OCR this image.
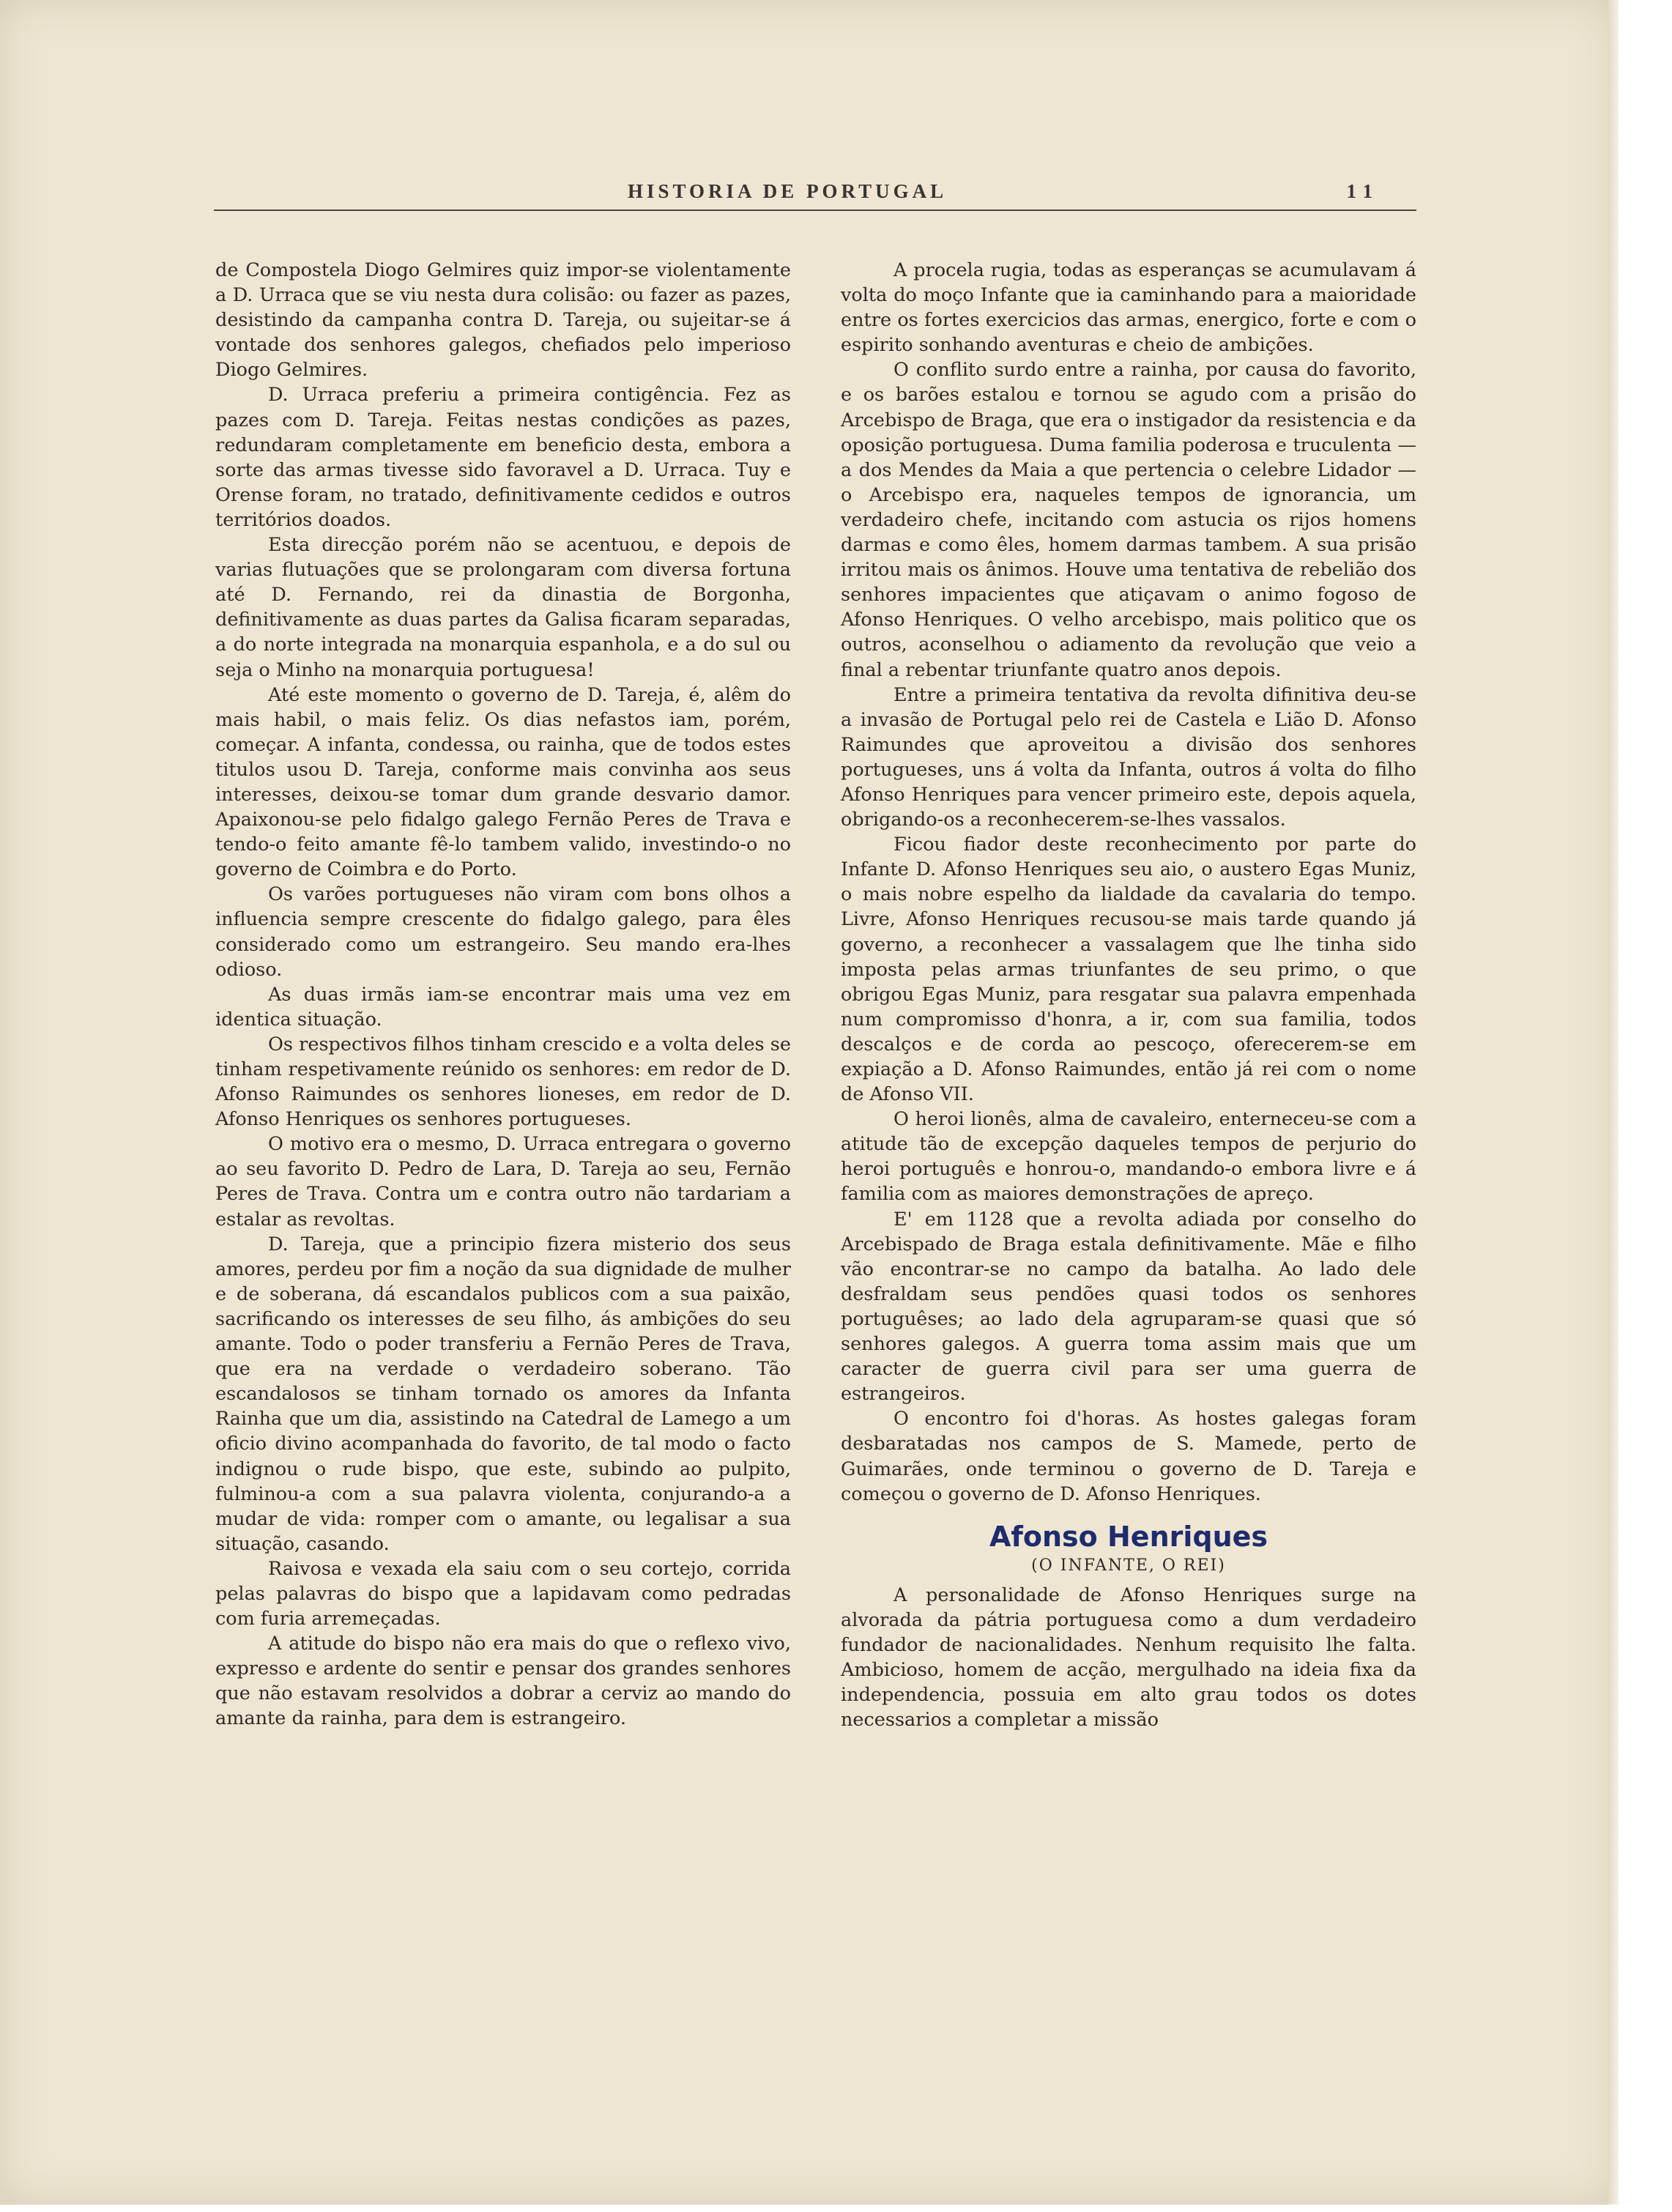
HISTORIA DE PORTUGAL	11

de Compostela Diogo Gelmires quiz impor-se violentamente a D. Urraca que se viu nesta dura colisão: ou fazer as pazes, desistindo da campanha contra D. Tareja, ou sujeitar-se á vontade dos senhores galegos, chefiados pelo imperioso Diogo Gelmires.

D. Urraca preferiu a primeira contigência. Fez as pazes com D. Tareja. Feitas nestas condições as pazes, redundaram completamente em beneficio desta, embora a sorte das armas tivesse sido favoravel a D. Urraca. Tuy e Orense foram, no tratado, definitivamente cedidos e outros territórios doados.

Esta direcção porém não se acentuou, e depois de varias flutuações que se prolongaram com diversa fortuna até D. Fernando, rei da dinastia de Borgonha, definitivamente as duas partes da Galisa ficaram separadas, a do norte integrada na monarquia espanhola, e a do sul ou seja o Minho na monarquia portuguesa!

Até este momento o governo de D. Tareja, é, alêm do mais habil, o mais feliz. Os dias nefastos iam, porém, começar. A infanta, condessa, ou rainha, que de todos estes titulos usou D. Tareja, conforme mais convinha aos seus interesses, deixou-se tomar dum grande desvario damor. Apaixonou-se pelo fidalgo galego Fernão Peres de Trava e tendo-o feito amante fê-lo tambem valido, investindo-o no governo de Coimbra e do Porto.

Os varões portugueses não viram com bons olhos a influencia sempre crescente do fidalgo galego, para êles considerado como um estrangeiro. Seu mando era-lhes odioso.

As duas irmãs iam-se encontrar mais uma vez em identica situação.

Os respectivos filhos tinham crescido e a volta deles se tinham respetivamente reúnido os senhores: em redor de D. Afonso Raimundes os senhores lioneses, em redor de D. Afonso Henriques os senhores portugueses.

O motivo era o mesmo, D. Urraca entregara o governo ao seu favorito D. Pedro de Lara, D. Tareja ao seu, Fernão Peres de Trava. Contra um e contra outro não tardariam a estalar as revoltas.

D. Tareja, que a principio fizera misterio dos seus amores, perdeu por fim a noção da sua dignidade de mulher e de soberana, dá escandalos publicos com a sua paixão, sacrificando os interesses de seu filho, ás ambições do seu amante. Todo o poder transferiu a Fernão Peres de Trava, que era na verdade o verdadeiro soberano. Tão escandalosos se tinham tornado os amores da Infanta Rainha que um dia, assistindo na Catedral de Lamego a um oficio divino acompanhada do favorito, de tal modo o facto indignou o rude bispo, que este, subindo ao pulpito, fulminou-a com a sua palavra violenta, conjurando-a a mudar de vida: romper com o amante, ou legalisar a sua situação, casando.

Raivosa e vexada ela saiu com o seu cortejo, corrida pelas palavras do bispo que a lapidavam como pedradas com furia arremeçadas.

A atitude do bispo não era mais do que o reflexo vivo, expresso e ardente do sentir e pensar dos grandes senhores que não estavam resolvidos a dobrar a cerviz ao mando do amante da rainha, para dem is estrangeiro.

A procela rugia, todas as esperanças se acumulavam á volta do moço Infante que ia caminhando para a maioridade entre os fortes exercicios das armas, energico, forte e com o espirito sonhando aventuras e cheio de ambições.

O conflito surdo entre a rainha, por causa do favorito, e os barões estalou e tornou se agudo com a prisão do Arcebispo de Braga, que era o instigador da resistencia e da oposição portuguesa. Duma familia poderosa e truculenta — a dos Mendes da Maia a que pertencia o celebre Lidador — o Arcebispo era, naqueles tempos de ignorancia, um verdadeiro chefe, incitando com astucia os rijos homens darmas e como êles, homem darmas tambem. A sua prisão irritou mais os ânimos. Houve uma tentativa de rebelião dos senhores impacientes que atiçavam o animo fogoso de Afonso Henriques. O velho arcebispo, mais politico que os outros, aconselhou o adiamento da revolução que veio a final a rebentar triunfante quatro anos depois.

Entre a primeira tentativa da revolta difinitiva deu-se a invasão de Portugal pelo rei de Castela e Lião D. Afonso Raimundes que aproveitou a divisão dos senhores portugueses, uns á volta da Infanta, outros á volta do filho Afonso Henriques para vencer primeiro este, depois aquela, obrigando-os a reconhecerem-se-lhes vassalos.

Ficou fiador deste reconhecimento por parte do Infante D. Afonso Henriques seu aio, o austero Egas Muniz, o mais nobre espelho da lialdade da cavalaria do tempo. Livre, Afonso Henriques recusou-se mais tarde quando já governo, a reconhecer a vassalagem que lhe tinha sido imposta pelas armas triunfantes de seu primo, o que obrigou Egas Muniz, para resgatar sua palavra empenhada num compromisso d'honra, a ir, com sua familia, todos descalços e de corda ao pescoço, oferecerem-se em expiação a D. Afonso Raimundes, então já rei com o nome de Afonso VII.

O heroi lionês, alma de cavaleiro, enterneceu-se com a atitude tão de excepção daqueles tempos de perjurio do heroi português e honrou-o, mandando-o embora livre e á familia com as maiores demonstrações de apreço.

E' em 1128 que a revolta adiada por conselho do Arcebispado de Braga estala definitivamente. Mãe e filho vão encontrar-se no campo da batalha. Ao lado dele desfraldam seus pendões quasi todos os senhores portuguêses; ao lado dela agruparam-se quasi que só senhores galegos. A guerra toma assim mais que um caracter de guerra civil para ser uma guerra de estrangeiros.

O encontro foi d'horas. As hostes galegas foram desbaratadas nos campos de S. Mamede, perto de Guimarães, onde terminou o governo de D. Tareja e começou o governo de D. Afonso Henriques.

Afonso Henriques
(O INFANTE, O REI)

A personalidade de Afonso Henriques surge na alvorada da pátria portuguesa como a dum verdadeiro fundador de nacionalidades. Nenhum requisito lhe falta. Ambicioso, homem de acção, mergulhado na ideia fixa da independencia, possuia em alto grau todos os dotes necessarios a completar a missão
